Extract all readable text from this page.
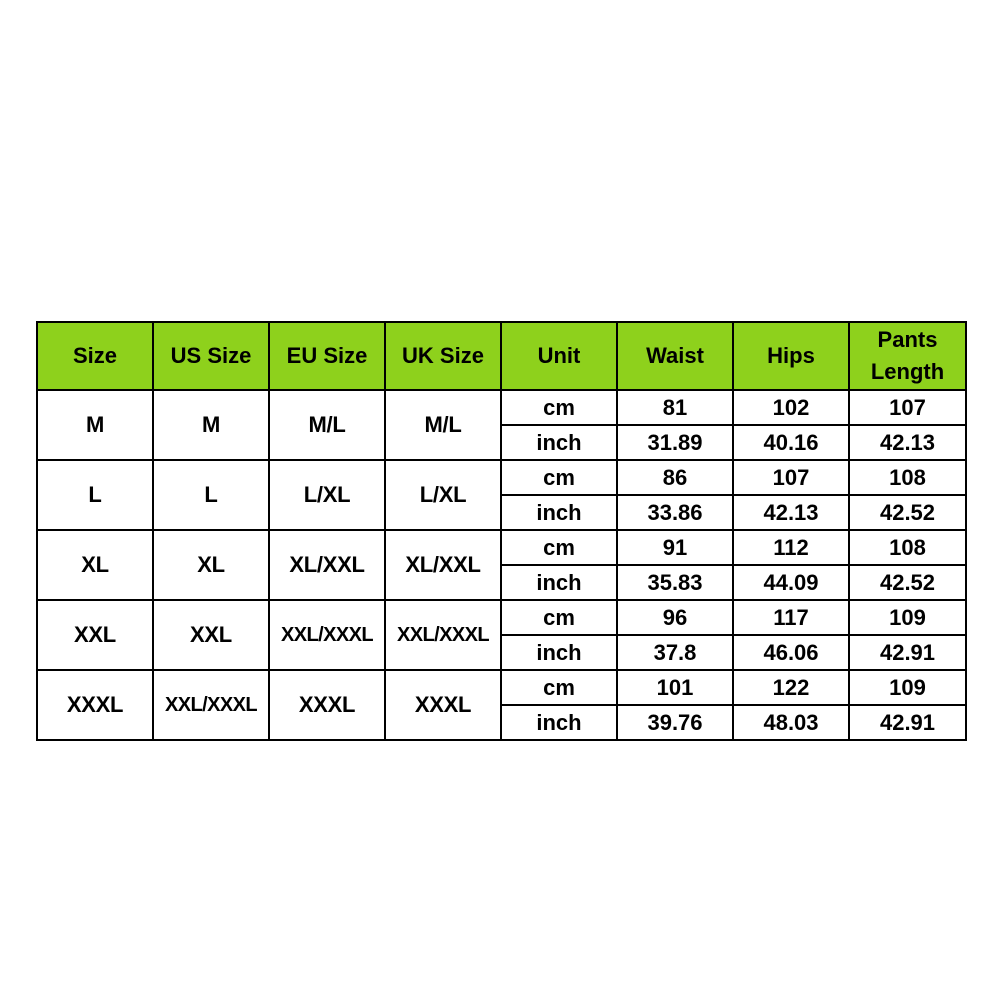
Size	US Size	EU Size	UK Size	Unit	Waist	Hips	Pants Length
M	M	M/L	M/L	cm	81	102	107
				inch	31.89	40.16	42.13
L	L	L/XL	L/XL	cm	86	107	108
				inch	33.86	42.13	42.52
XL	XL	XL/XXL	XL/XXL	cm	91	112	108
				inch	35.83	44.09	42.52
XXL	XXL	XXL/XXXL	XXL/XXXL	cm	96	117	109
				inch	37.8	46.06	42.91
XXXL	XXL/XXXL	XXXL	XXXL	cm	101	122	109
				inch	39.76	48.03	42.91
